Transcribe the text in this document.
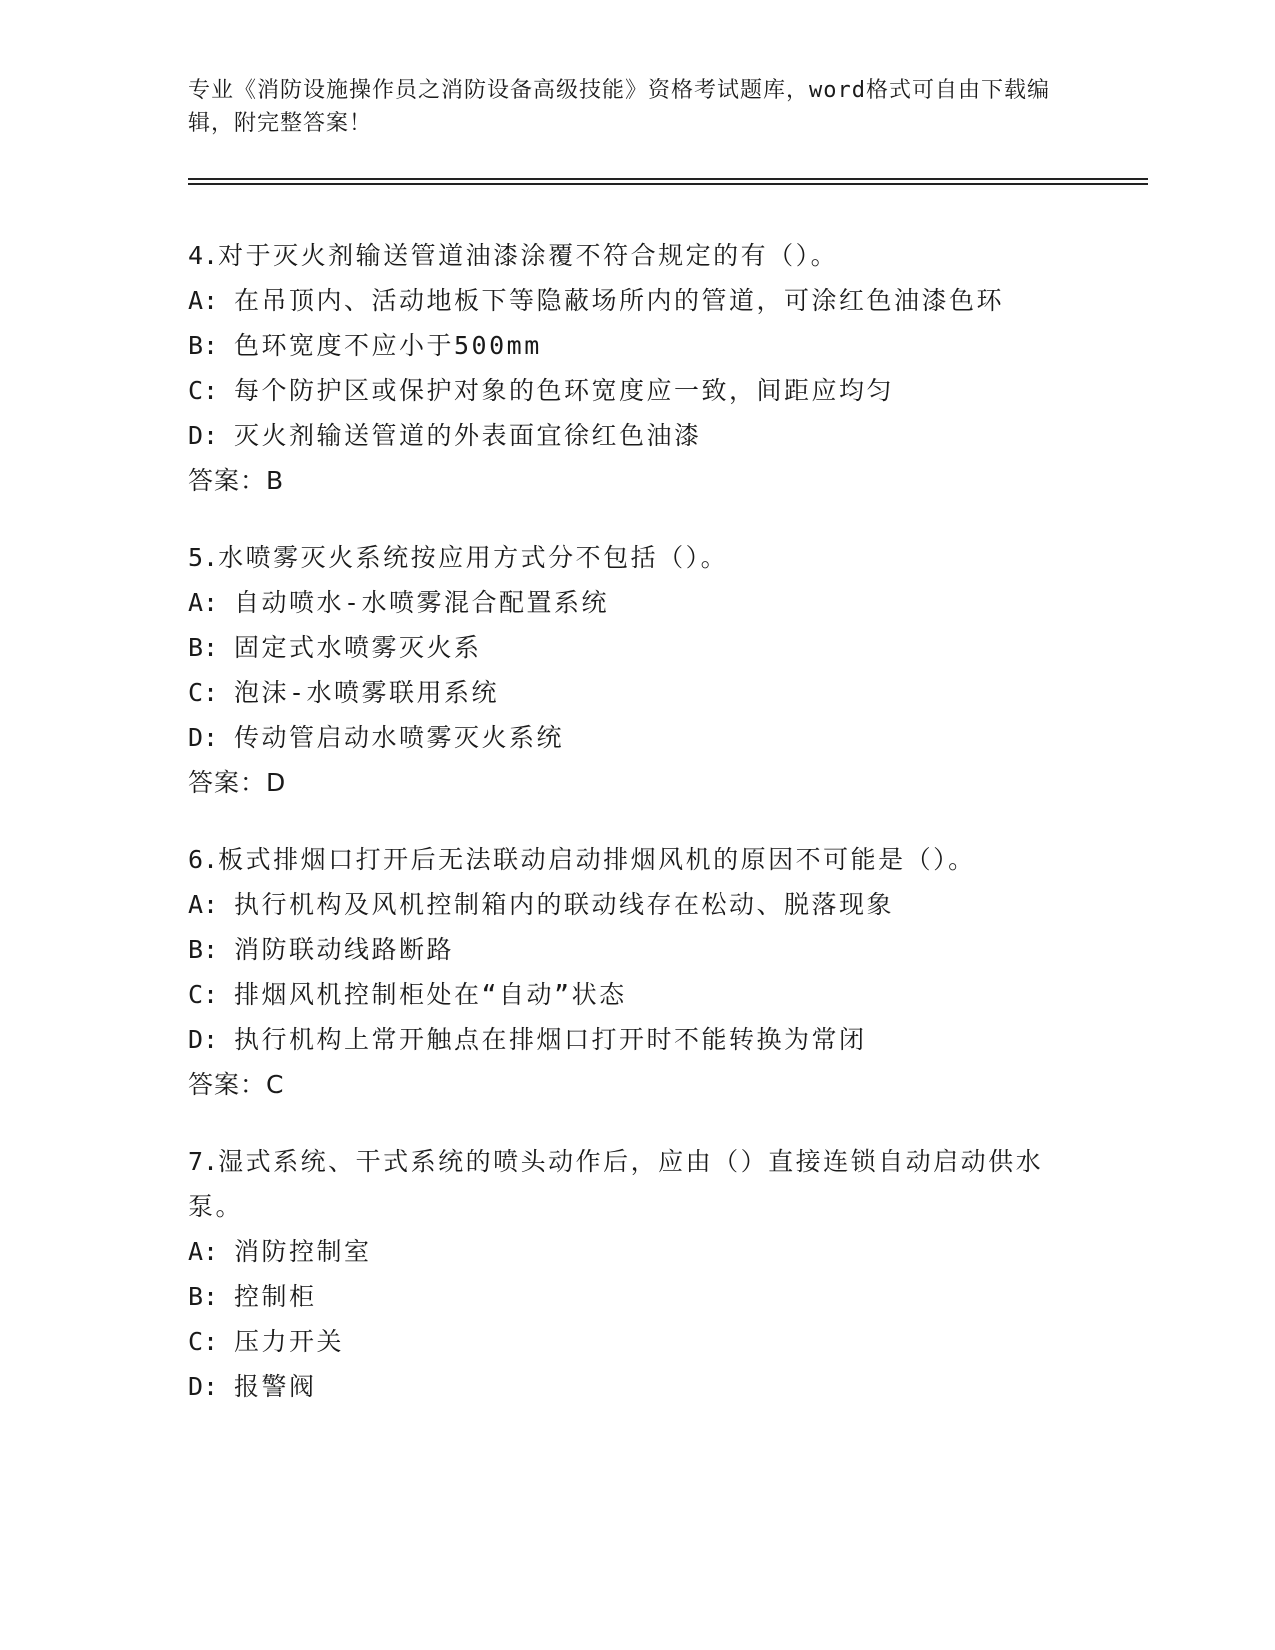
专业《消防设施操作员之消防设备高级技能》资格考试题库，word格式可自由下载编辑，附完整答案！
4.对于灭火剂输送管道油漆涂覆不符合规定的有（）。
A: 在吊顶内、活动地板下等隐蔽场所内的管道，可涂红色油漆色环
B: 色环宽度不应小于500mm
C: 每个防护区或保护对象的色环宽度应一致，间距应均匀
D: 灭火剂输送管道的外表面宜徐红色油漆
答案：B
5.水喷雾灭火系统按应用方式分不包括（）。
A: 自动喷水-水喷雾混合配置系统
B: 固定式水喷雾灭火系
C: 泡沫-水喷雾联用系统
D: 传动管启动水喷雾灭火系统
答案：D
6.板式排烟口打开后无法联动启动排烟风机的原因不可能是（）。
A: 执行机构及风机控制箱内的联动线存在松动、脱落现象
B: 消防联动线路断路
C: 排烟风机控制柜处在“自动”状态
D: 执行机构上常开触点在排烟口打开时不能转换为常闭
答案：C
7.湿式系统、干式系统的喷头动作后，应由（）直接连锁自动启动供水泵。
A: 消防控制室
B: 控制柜
C: 压力开关
D: 报警阀
